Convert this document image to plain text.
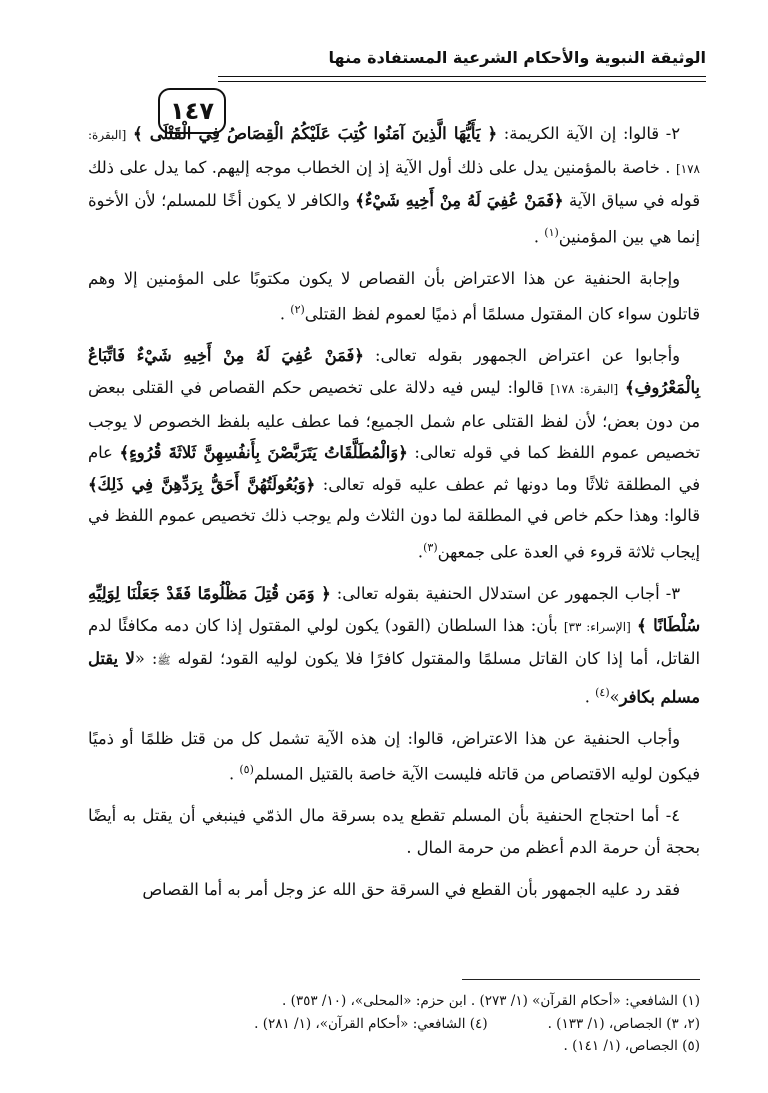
الوثيقة النبوية والأحكام الشرعية المستفادة منها
١٤٧

٢- قالوا: إن الآية الكريمة: ﴿ يَأَيُّهَا الَّذِينَ آمَنُوا كُتِبَ عَلَيْكُمُ الْقِصَاصُ فِي الْقَتْلَى ﴾ [البقرة: ١٧٨] . خاصة بالمؤمنين يدل على ذلك أول الآية إذ إن الخطاب موجه إليهم. كما يدل على ذلك قوله في سياق الآية ﴿فَمَنْ عُفِيَ لَهُ مِنْ أَخِيهِ شَيْءٌ﴾ والكافر لا يكون أخًا للمسلم؛ لأن الأخوة إنما هي بين المؤمنين$^{(١)}$ .

وإجابة الحنفية عن هذا الاعتراض بأن القصاص لا يكون مكتوبًا على المؤمنين إلا وهم قاتلون سواء كان المقتول مسلمًا أم ذميًا لعموم لفظ القتلى$^{(٢)}$ .

وأجابوا عن اعتراض الجمهور بقوله تعالى: ﴿فَمَنْ عُفِيَ لَهُ مِنْ أَخِيهِ شَيْءٌ فَاتِّبَاعٌ بِالْمَعْرُوفِ﴾ [البقرة: ١٧٨] قالوا: ليس فيه دلالة على تخصيص حكم القصاص في القتلى ببعض من دون بعض؛ لأن لفظ القتلى عام شمل الجميع؛ فما عطف عليه بلفظ الخصوص لا يوجب تخصيص عموم اللفظ كما في قوله تعالى: ﴿وَالْمُطَلَّقَاتُ يَتَرَبَّصْنَ بِأَنفُسِهِنَّ ثَلاثَةَ قُرُوءٍ﴾ عام في المطلقة ثلاثًا وما دونها ثم عطف عليه قوله تعالى: ﴿وَبُعُولَتُهُنَّ أَحَقُّ بِرَدِّهِنَّ فِي ذَلِكَ﴾ قالوا: وهذا حكم خاص في المطلقة لما دون الثلاث ولم يوجب ذلك تخصيص عموم اللفظ في إيجاب ثلاثة قروء في العدة على جمعهن$^{(٣)}$.

٣- أجاب الجمهور عن استدلال الحنفية بقوله تعالى: ﴿ وَمَن قُتِلَ مَظْلُومًا فَقَدْ جَعَلْنَا لِوَلِيِّهِ سُلْطَانًا ﴾ [الإسراء: ٣٣] بأن: هذا السلطان (القود) يكون لولي المقتول إذا كان دمه مكافئًا لدم القاتل، أما إذا كان القاتل مسلمًا والمقتول كافرًا فلا يكون لوليه القود؛ لقوله ﷺ: «لا يقتل مسلم بكافر»$^{(٤)}$ .

وأجاب الحنفية عن هذا الاعتراض، قالوا: إن هذه الآية تشمل كل من قتل ظلمًا أو ذميًا فيكون لوليه الاقتصاص من قاتله فليست الآية خاصة بالقتيل المسلم$^{(٥)}$ .

٤- أما احتجاج الحنفية بأن المسلم تقطع يده بسرقة مال الذمّي فينبغي أن يقتل به أيضًا بحجة أن حرمة الدم أعظم من حرمة المال .

فقد رد عليه الجمهور بأن القطع في السرقة حق الله عز وجل أمر به أما القصاص

(١) الشافعي: «أحكام القرآن» (١/ ٢٧٣) . ابن حزم: «المحلى»، (١٠/ ٣٥٣) .
(٢، ٣) الجصاص، (١/ ١٣٣) .(٤) الشافعي: «أحكام القرآن»، (١/ ٢٨١) .
(٥) الجصاص، (١/ ١٤١) .
